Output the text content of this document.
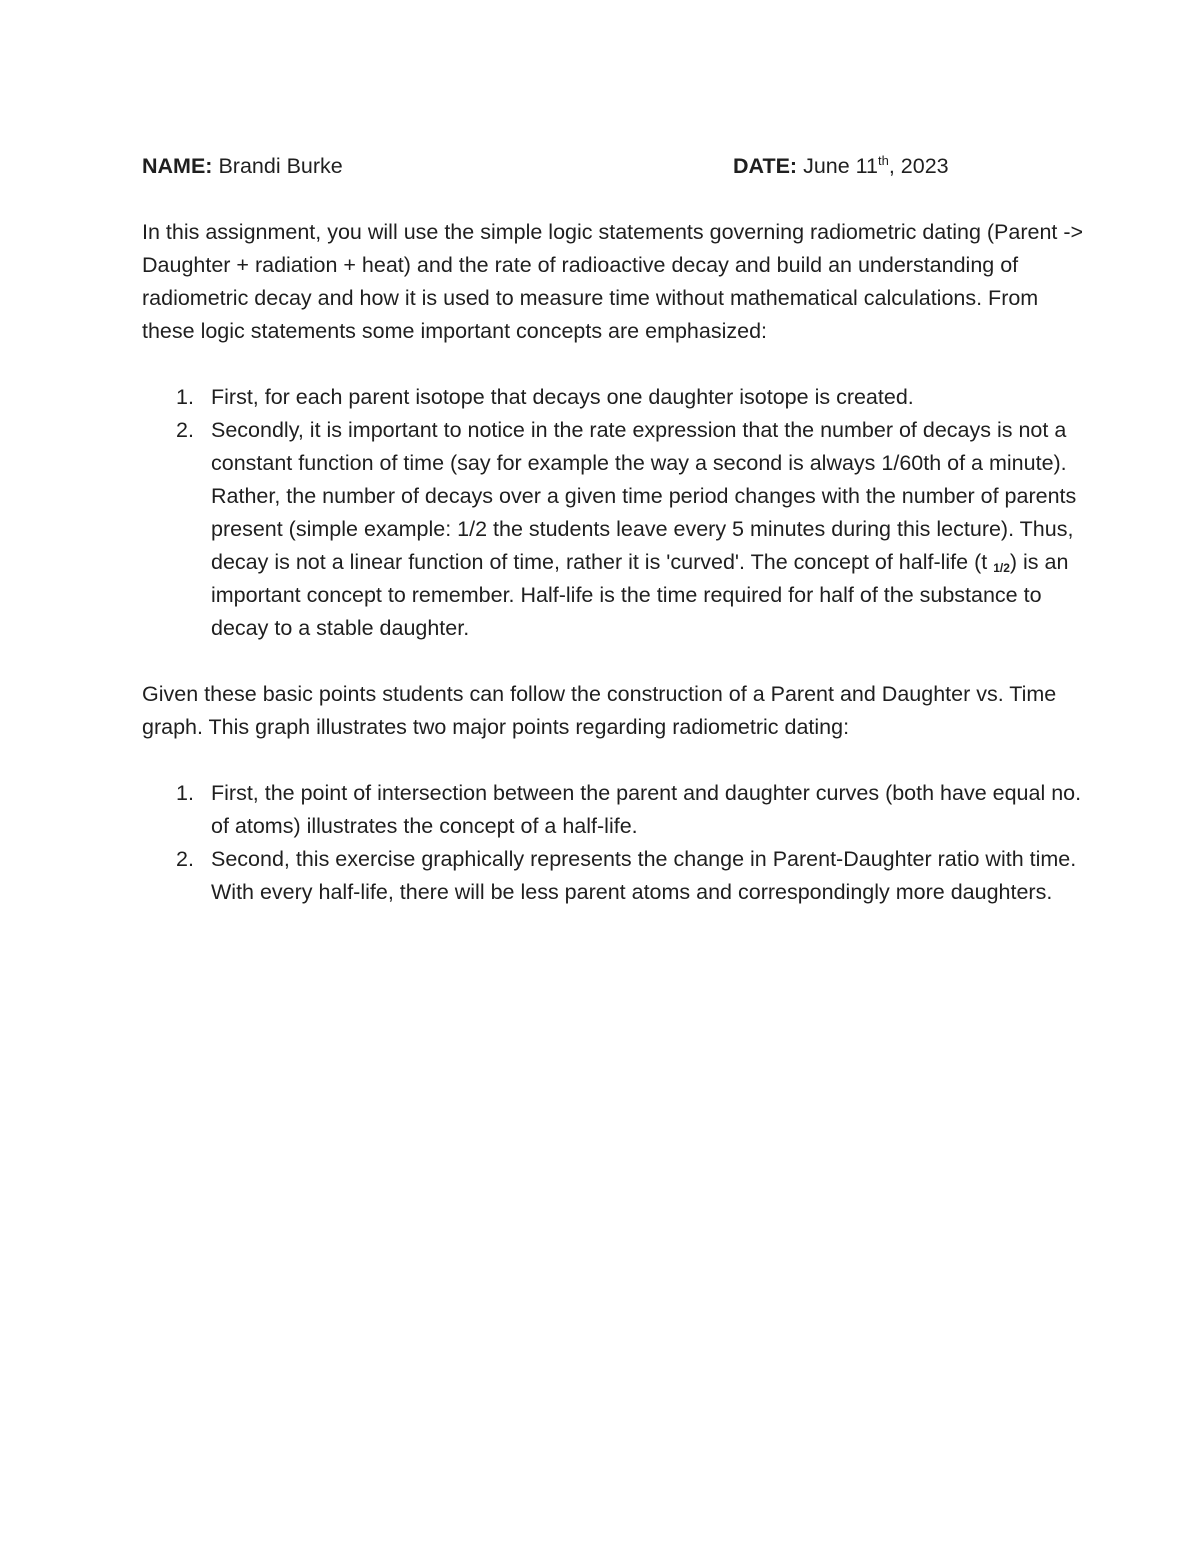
NAME: Brandi Burke	DATE: June 11th, 2023

In this assignment, you will use the simple logic statements governing radiometric dating (Parent -> Daughter + radiation + heat) and the rate of radioactive decay and build an understanding of radiometric decay and how it is used to measure time without mathematical calculations. From these logic statements some important concepts are emphasized:

1. First, for each parent isotope that decays one daughter isotope is created.
2. Secondly, it is important to notice in the rate expression that the number of decays is not a constant function of time (say for example the way a second is always 1/60th of a minute). Rather, the number of decays over a given time period changes with the number of parents present (simple example: 1/2 the students leave every 5 minutes during this lecture). Thus, decay is not a linear function of time, rather it is 'curved'. The concept of half-life (t $_{1/2}$) is an important concept to remember. Half-life is the time required for half of the substance to decay to a stable daughter.

Given these basic points students can follow the construction of a Parent and Daughter vs. Time graph. This graph illustrates two major points regarding radiometric dating:

1. First, the point of intersection between the parent and daughter curves (both have equal no. of atoms) illustrates the concept of a half-life.
2. Second, this exercise graphically represents the change in Parent-Daughter ratio with time. With every half-life, there will be less parent atoms and correspondingly more daughters.
